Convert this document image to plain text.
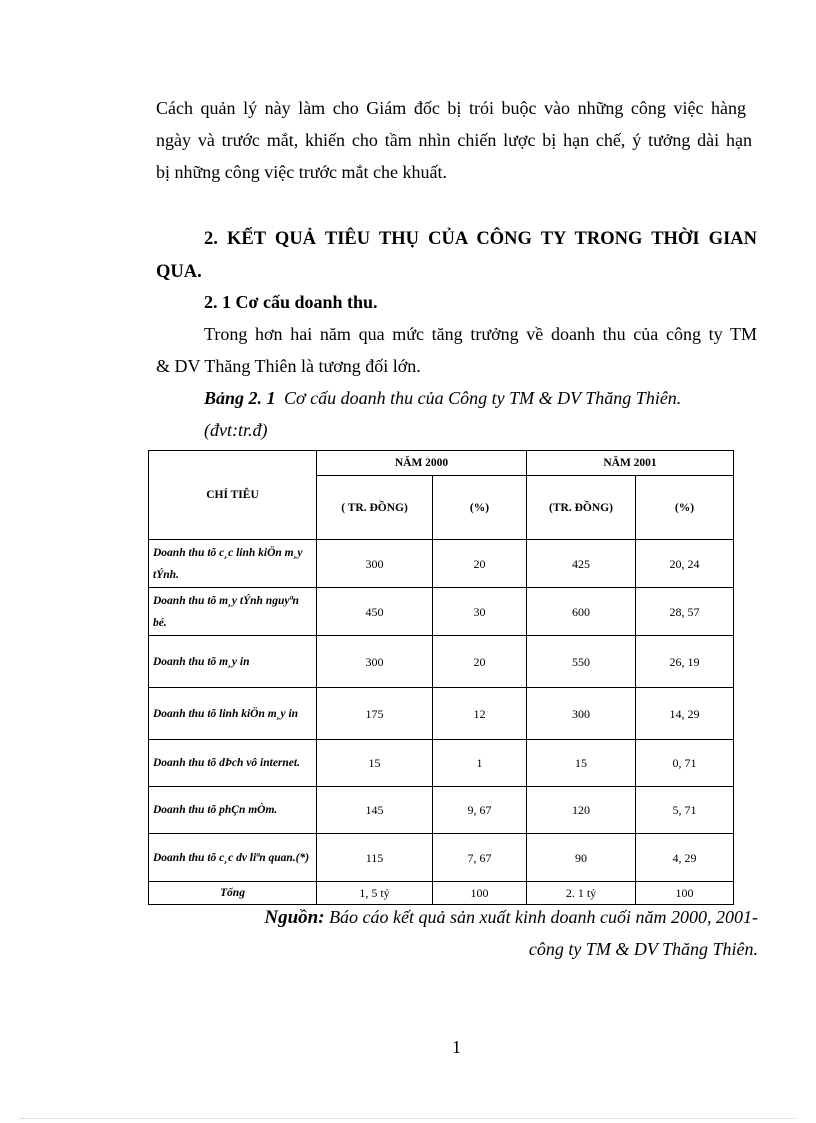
Cách quản lý này làm cho Giám đốc bị trói buộc vào những công việc hàng
ngày và trước mắt, khiến cho tầm nhìn chiến lược bị hạn chế, ý tưởng dài hạn
bị những công việc trước mắt che khuất.
2. KẾT QUẢ TIÊU THỤ CỦA CÔNG TY TRONG THỜI GIAN
QUA.
2. 1 Cơ cấu doanh thu.
Trong hơn hai năm qua mức tăng trưởng về doanh thu của công ty TM
& DV Thăng Thiên là tương đối lớn.
Bảng 2. 1 Cơ cấu doanh thu của Công ty TM & DV Thăng Thiên.
(đvt:tr.đ)
CHỈ TIÊU	NĂM 2000		NĂM 2001	
	( TR. ĐỒNG)	(%)	(TR. ĐỒNG)	(%)
Doanh thu tõ c¸c linh kiÖn m¸y tÝnh.	300	20	425	20, 24
Doanh thu tõ m¸y tÝnh nguyªn bé.	450	30	600	28, 57
Doanh thu tõ m¸y in	300	20	550	26, 19
Doanh thu tõ linh kiÖn m¸y in	175	12	300	14, 29
Doanh thu tõ dÞch vô internet.	15	1	15	0, 71
Doanh thu tõ phÇn mÒm.	145	9, 67	120	5, 71
Doanh thu tõ c¸c dv liªn quan.(*)	115	7, 67	90	4, 29
Tổng	1, 5 tỷ	100	2. 1 tỷ	100
Nguồn: Báo cáo kết quả sản xuất kinh doanh cuối năm 2000, 2001-
công ty TM & DV Thăng Thiên.
1
